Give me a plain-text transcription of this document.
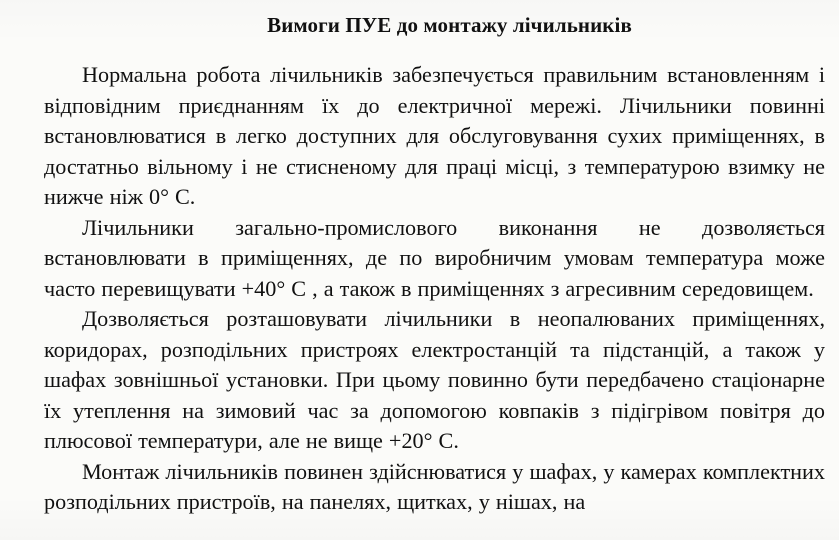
Вимоги ПУЕ до монтажу лічильників

Нормальна робота лічильників забезпечується правильним встановленням і відповідним приєднанням їх до електричної мережі. Лічильники повинні встановлюватися в легко доступних для обслуговування сухих приміщеннях, в достатньо вільному і не стисненому для праці місці, з температурою взимку не нижче ніж 0° С.

Лічильники загально-промислового виконання не дозволяється встановлювати в приміщеннях, де по виробничим умовам температура може часто перевищувати +40° С , а також в приміщеннях з агресивним середовищем.

Дозволяється розташовувати лічильники в неопалюваних приміщеннях, коридорах, розподільних пристроях електростанцій та підстанцій, а також у шафах зовнішньої установки. При цьому повинно бути передбачено стаціонарне їх утеплення на зимовий час за допомогою ковпаків з підігрівом повітря до плюсової температури, але не вище +20° С.

Монтаж лічильників повинен здійснюватися у шафах, у камерах комплектних розподільних пристроїв, на панелях, щитках, у нішах, на
